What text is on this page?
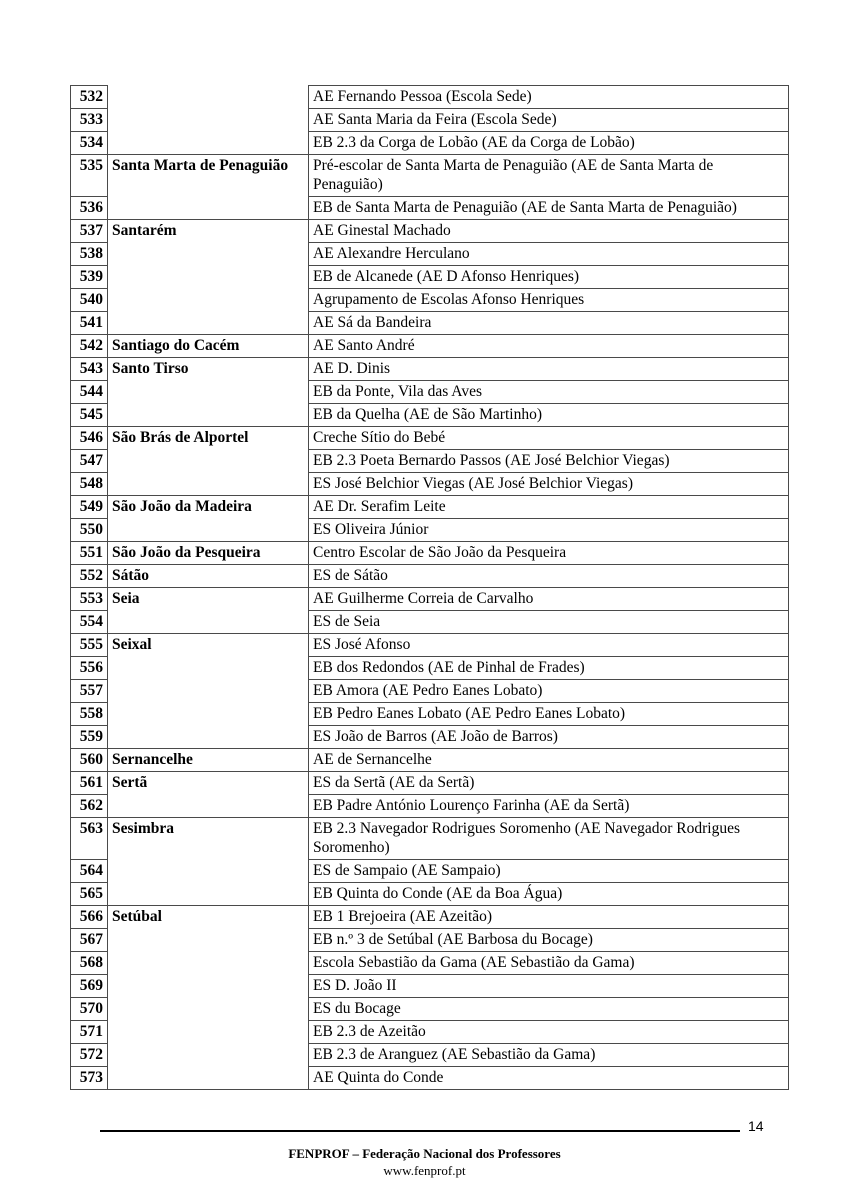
532		AE Fernando Pessoa (Escola Sede)
533		AE Santa Maria da Feira (Escola Sede)
534		EB 2.3 da Corga de Lobão (AE da Corga de Lobão)
535	Santa Marta de Penaguião	Pré-escolar de Santa Marta de Penaguião (AE de Santa Marta de Penaguião)
536		EB de Santa Marta de Penaguião (AE de Santa Marta de Penaguião)
537	Santarém	AE Ginestal Machado
538		AE Alexandre Herculano
539		EB de Alcanede (AE D Afonso Henriques)
540		Agrupamento de Escolas Afonso Henriques
541		AE Sá da Bandeira
542	Santiago do Cacém	AE Santo André
543	Santo Tirso	AE D. Dinis
544		EB da Ponte, Vila das Aves
545		EB da Quelha (AE de São Martinho)
546	São Brás de Alportel	Creche Sítio do Bebé
547		EB 2.3 Poeta Bernardo Passos (AE José Belchior Viegas)
548		ES José Belchior Viegas (AE José Belchior Viegas)
549	São João da Madeira	AE Dr. Serafim Leite
550		ES Oliveira Júnior
551	São João da Pesqueira	Centro Escolar de São João da Pesqueira
552	Sátão	ES de Sátão
553	Seia	AE Guilherme Correia de Carvalho
554		ES de Seia
555	Seixal	ES José Afonso
556		EB dos Redondos (AE de Pinhal de Frades)
557		EB Amora (AE Pedro Eanes Lobato)
558		EB Pedro Eanes Lobato (AE Pedro Eanes Lobato)
559		ES João de Barros (AE João de Barros)
560	Sernancelhe	AE de Sernancelhe
561	Sertã	ES da Sertã (AE da Sertã)
562		EB Padre António Lourenço Farinha (AE da Sertã)
563	Sesimbra	EB 2.3 Navegador Rodrigues Soromenho (AE Navegador Rodrigues Soromenho)
564		ES de Sampaio (AE Sampaio)
565		EB Quinta do Conde (AE da Boa Água)
566	Setúbal	EB 1 Brejoeira (AE Azeitão)
567		EB n.º 3 de Setúbal (AE Barbosa du Bocage)
568		Escola Sebastião da Gama (AE Sebastião da Gama)
569		ES D. João II
570		ES du Bocage
571		EB 2.3 de Azeitão
572		EB 2.3 de Aranguez (AE Sebastião da Gama)
573		AE Quinta do Conde
14
FENPROF – Federação Nacional dos Professores
www.fenprof.pt
